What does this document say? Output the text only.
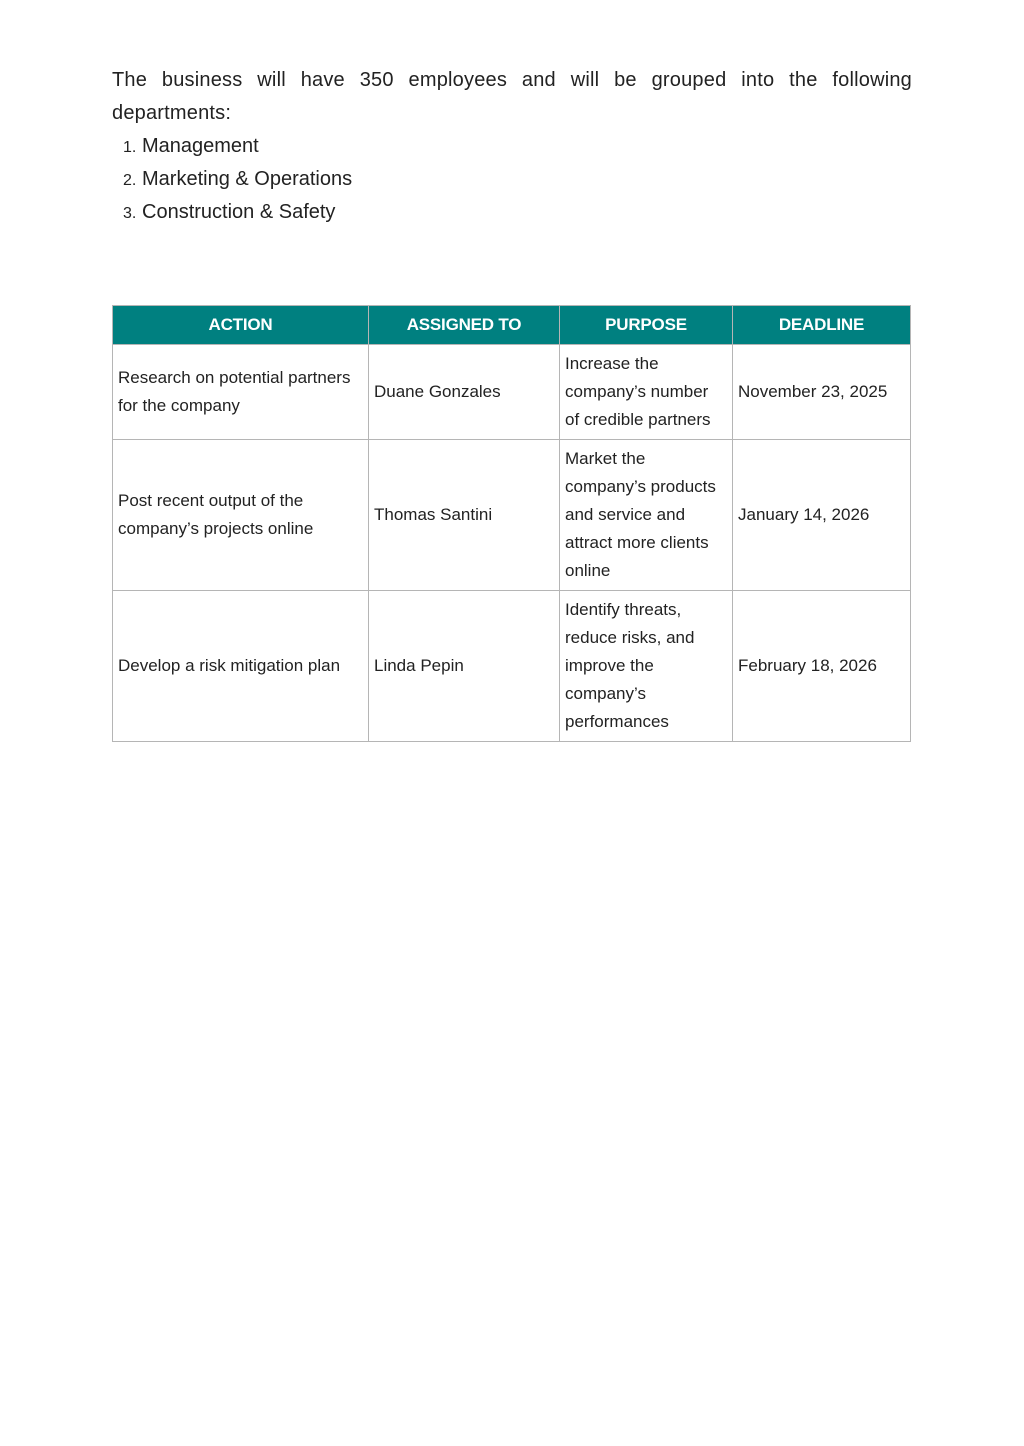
The business will have 350 employees and will be grouped into the following departments:

1. Management
2. Marketing & Operations
3. Construction & Safety
ACTION	ASSIGNED TO	PURPOSE	DEADLINE
Research on potential partners for the company	Duane Gonzales	Increase the company’s number of credible partners	November 23, 2025
Post recent output of the company’s projects online	Thomas Santini	Market the company’s products and service and attract more clients online	January 14, 2026
Develop a risk mitigation plan	Linda Pepin	Identify threats, reduce risks, and improve the company’s performances	February 18, 2026
